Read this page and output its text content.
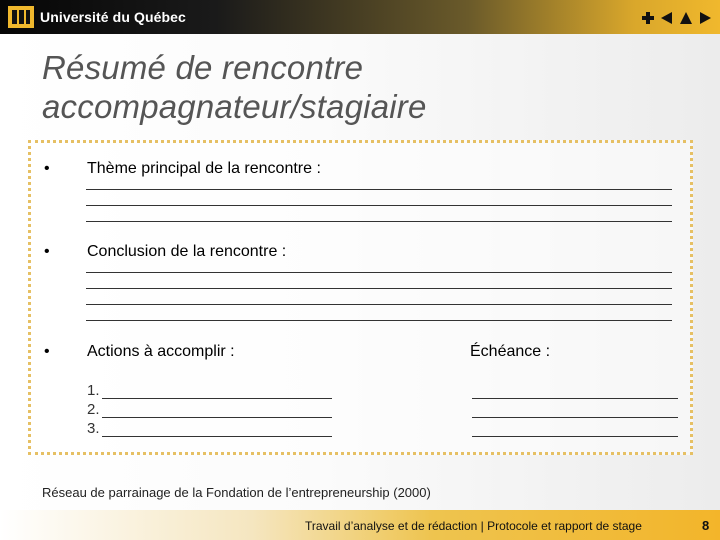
Université du Québec
Résumé de rencontre
accompagnateur/stagiaire
• Thème principal de la rencontre :
• Conclusion de la rencontre :
• Actions à accomplir :	Échéance :
1.
2.
3.
Réseau de parrainage de la Fondation de l’entrepreneurship (2000)
Travail d’analyse et de rédaction | Protocole et rapport de stage	8
